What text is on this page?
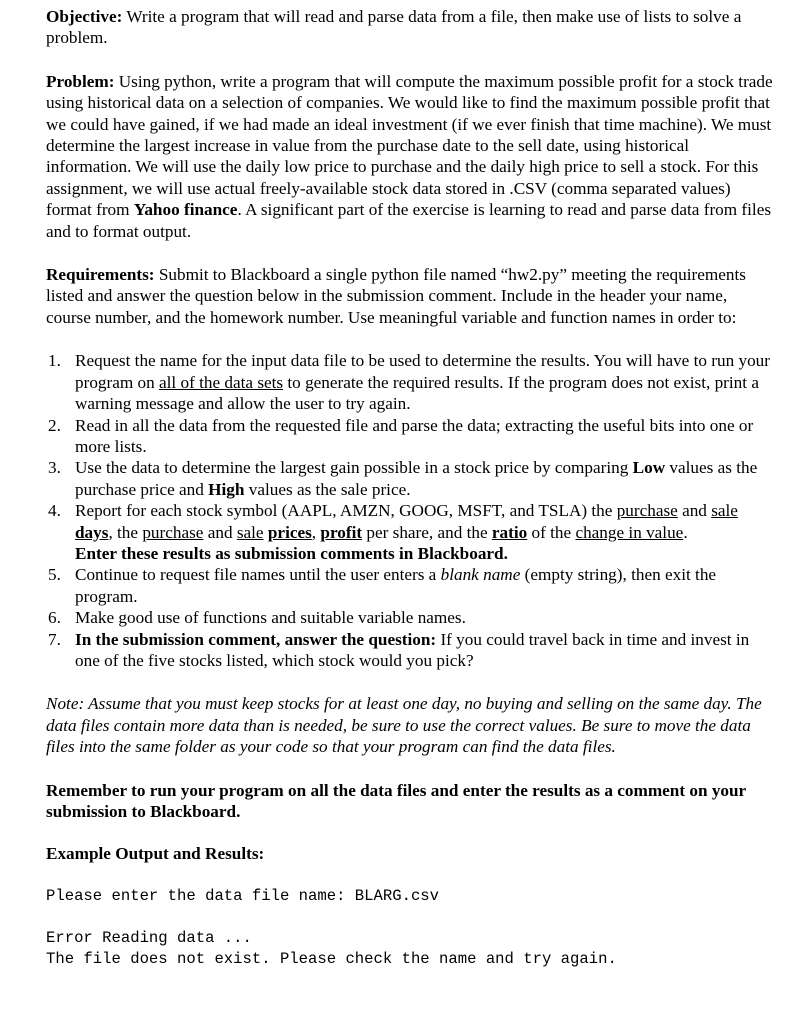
Objective: Write a program that will read and parse data from a file, then make use of lists to solve a problem.

Problem: Using python, write a program that will compute the maximum possible profit for a stock trade using historical data on a selection of companies. We would like to find the maximum possible profit that we could have gained, if we had made an ideal investment (if we ever finish that time machine). We must determine the largest increase in value from the purchase date to the sell date, using historical information. We will use the daily low price to purchase and the daily high price to sell a stock. For this assignment, we will use actual freely-available stock data stored in .CSV (comma separated values) format from Yahoo finance. A significant part of the exercise is learning to read and parse data from files and to format output.

Requirements: Submit to Blackboard a single python file named “hw2.py” meeting the requirements listed and answer the question below in the submission comment. Include in the header your name, course number, and the homework number. Use meaningful variable and function names in order to:

1. Request the name for the input data file to be used to determine the results. You will have to run your program on all of the data sets to generate the required results. If the program does not exist, print a warning message and allow the user to try again.
2. Read in all the data from the requested file and parse the data; extracting the useful bits into one or more lists.
3. Use the data to determine the largest gain possible in a stock price by comparing Low values as the purchase price and High values as the sale price.
4. Report for each stock symbol (AAPL, AMZN, GOOG, MSFT, and TSLA) the purchase and sale days, the purchase and sale prices, profit per share, and the ratio of the change in value.
Enter these results as submission comments in Blackboard.
5. Continue to request file names until the user enters a blank name (empty string), then exit the program.
6. Make good use of functions and suitable variable names.
7. In the submission comment, answer the question: If you could travel back in time and invest in one of the five stocks listed, which stock would you pick?

Note: Assume that you must keep stocks for at least one day, no buying and selling on the same day. The data files contain more data than is needed, be sure to use the correct values. Be sure to move the data files into the same folder as your code so that your program can find the data files.

Remember to run your program on all the data files and enter the results as a comment on your submission to Blackboard.

Example Output and Results:

Please enter the data file name: BLARG.csv

Error Reading data ...

The file does not exist. Please check the name and try again.
